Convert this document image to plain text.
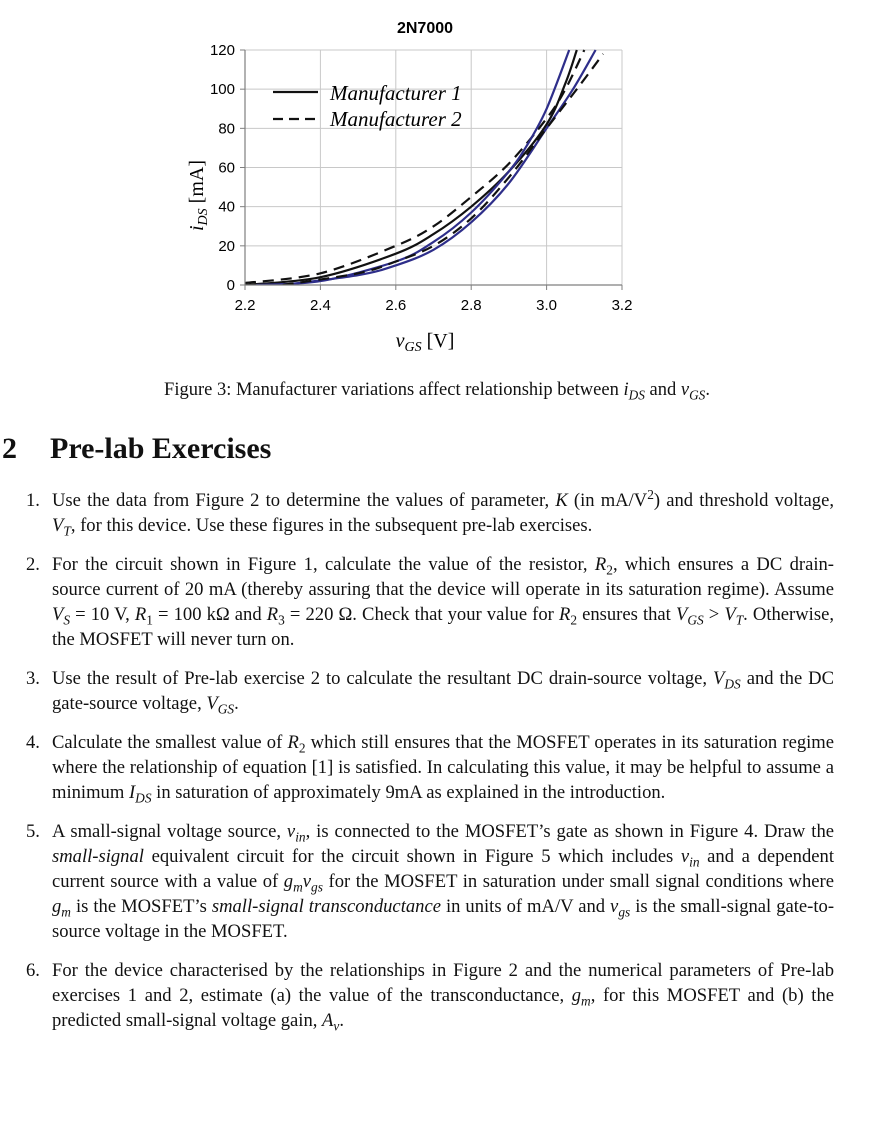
2N7000
2.2	2.4	2.6	2.8	3.0	3.2
0
20
40
60
80
100
120
Manufacturer 1
Manufacturer 2
$i_{DS}$ [mA]
$v_{GS}$ [V]
Figure 3: Manufacturer variations affect relationship between $i_{DS}$ and $v_{GS}$.
2 Pre-lab Exercises
1. Use the data from Figure 2 to determine the values of parameter, K (in $mA/V^2$) and threshold voltage, $V_T$, for this device. Use these figures in the subsequent pre-lab exercises.
2. For the circuit shown in Figure 1, calculate the value of the resistor, $R_2$, which ensures a DC drain-source current of 20 mA (thereby assuring that the device will operate in its saturation regime). Assume $V_S = 10$ V, $R_1 = 100$ kΩ and $R_3 = 220$ Ω. Check that your value for $R_2$ ensures that $V_{GS} > V_T$. Otherwise, the MOSFET will never turn on.
3. Use the result of Pre-lab exercise 2 to calculate the resultant DC drain-source voltage, $V_{DS}$ and the DC gate-source voltage, $V_{GS}$.
4. Calculate the smallest value of $R_2$ which still ensures that the MOSFET operates in its saturation regime where the relationship of equation [1] is satisfied. In calculating this value, it may be helpful to assume a minimum $I_{DS}$ in saturation of approximately 9mA as explained in the introduction.
5. A small-signal voltage source, $v_{in}$, is connected to the MOSFET’s gate as shown in Figure 4. Draw the small-signal equivalent circuit for the circuit shown in Figure 5 which includes $v_{in}$ and a dependent current source with a value of $g_mv_{gs}$ for the MOSFET in saturation under small signal conditions where $g_m$ is the MOSFET’s small-signal transconductance in units of mA/V and $v_{gs}$ is the small-signal gate-to-source voltage in the MOSFET.
6. For the device characterised by the relationships in Figure 2 and the numerical parameters of Pre-lab exercises 1 and 2, estimate (a) the value of the transconductance, $g_m$, for this MOSFET and (b) the predicted small-signal voltage gain, $A_v$.
